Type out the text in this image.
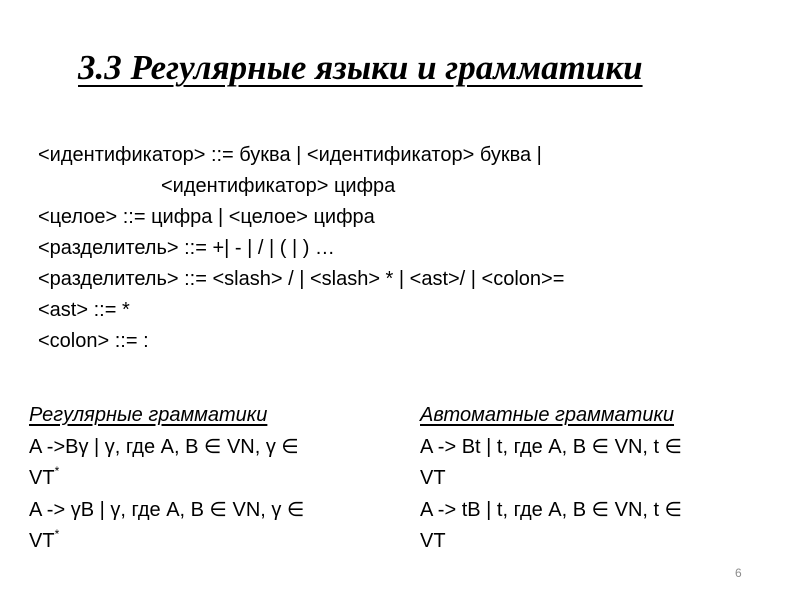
3.3 Регулярные языки и грамматики
<идентификатор> ::= буква | <идентификатор> буква |
<идентификатор> цифра
<целое> ::= цифра | <целое> цифра
<разделитель> ::= +| - | / | ( | ) …
<разделитель> ::= <slash> / | <slash> * | <ast>/ | <colon>=
<ast> ::= *
<colon> ::= :
Регулярные грамматики
A ->Bγ | γ, где A, B ∈ VN, γ ∈
VT*
A -> γB | γ, где A, B ∈ VN, γ ∈
VT*
Автоматные грамматики
A -> Bt | t, где A, B ∈ VN, t ∈
VT
A -> tB | t, где A, B ∈ VN, t ∈
VT
6
